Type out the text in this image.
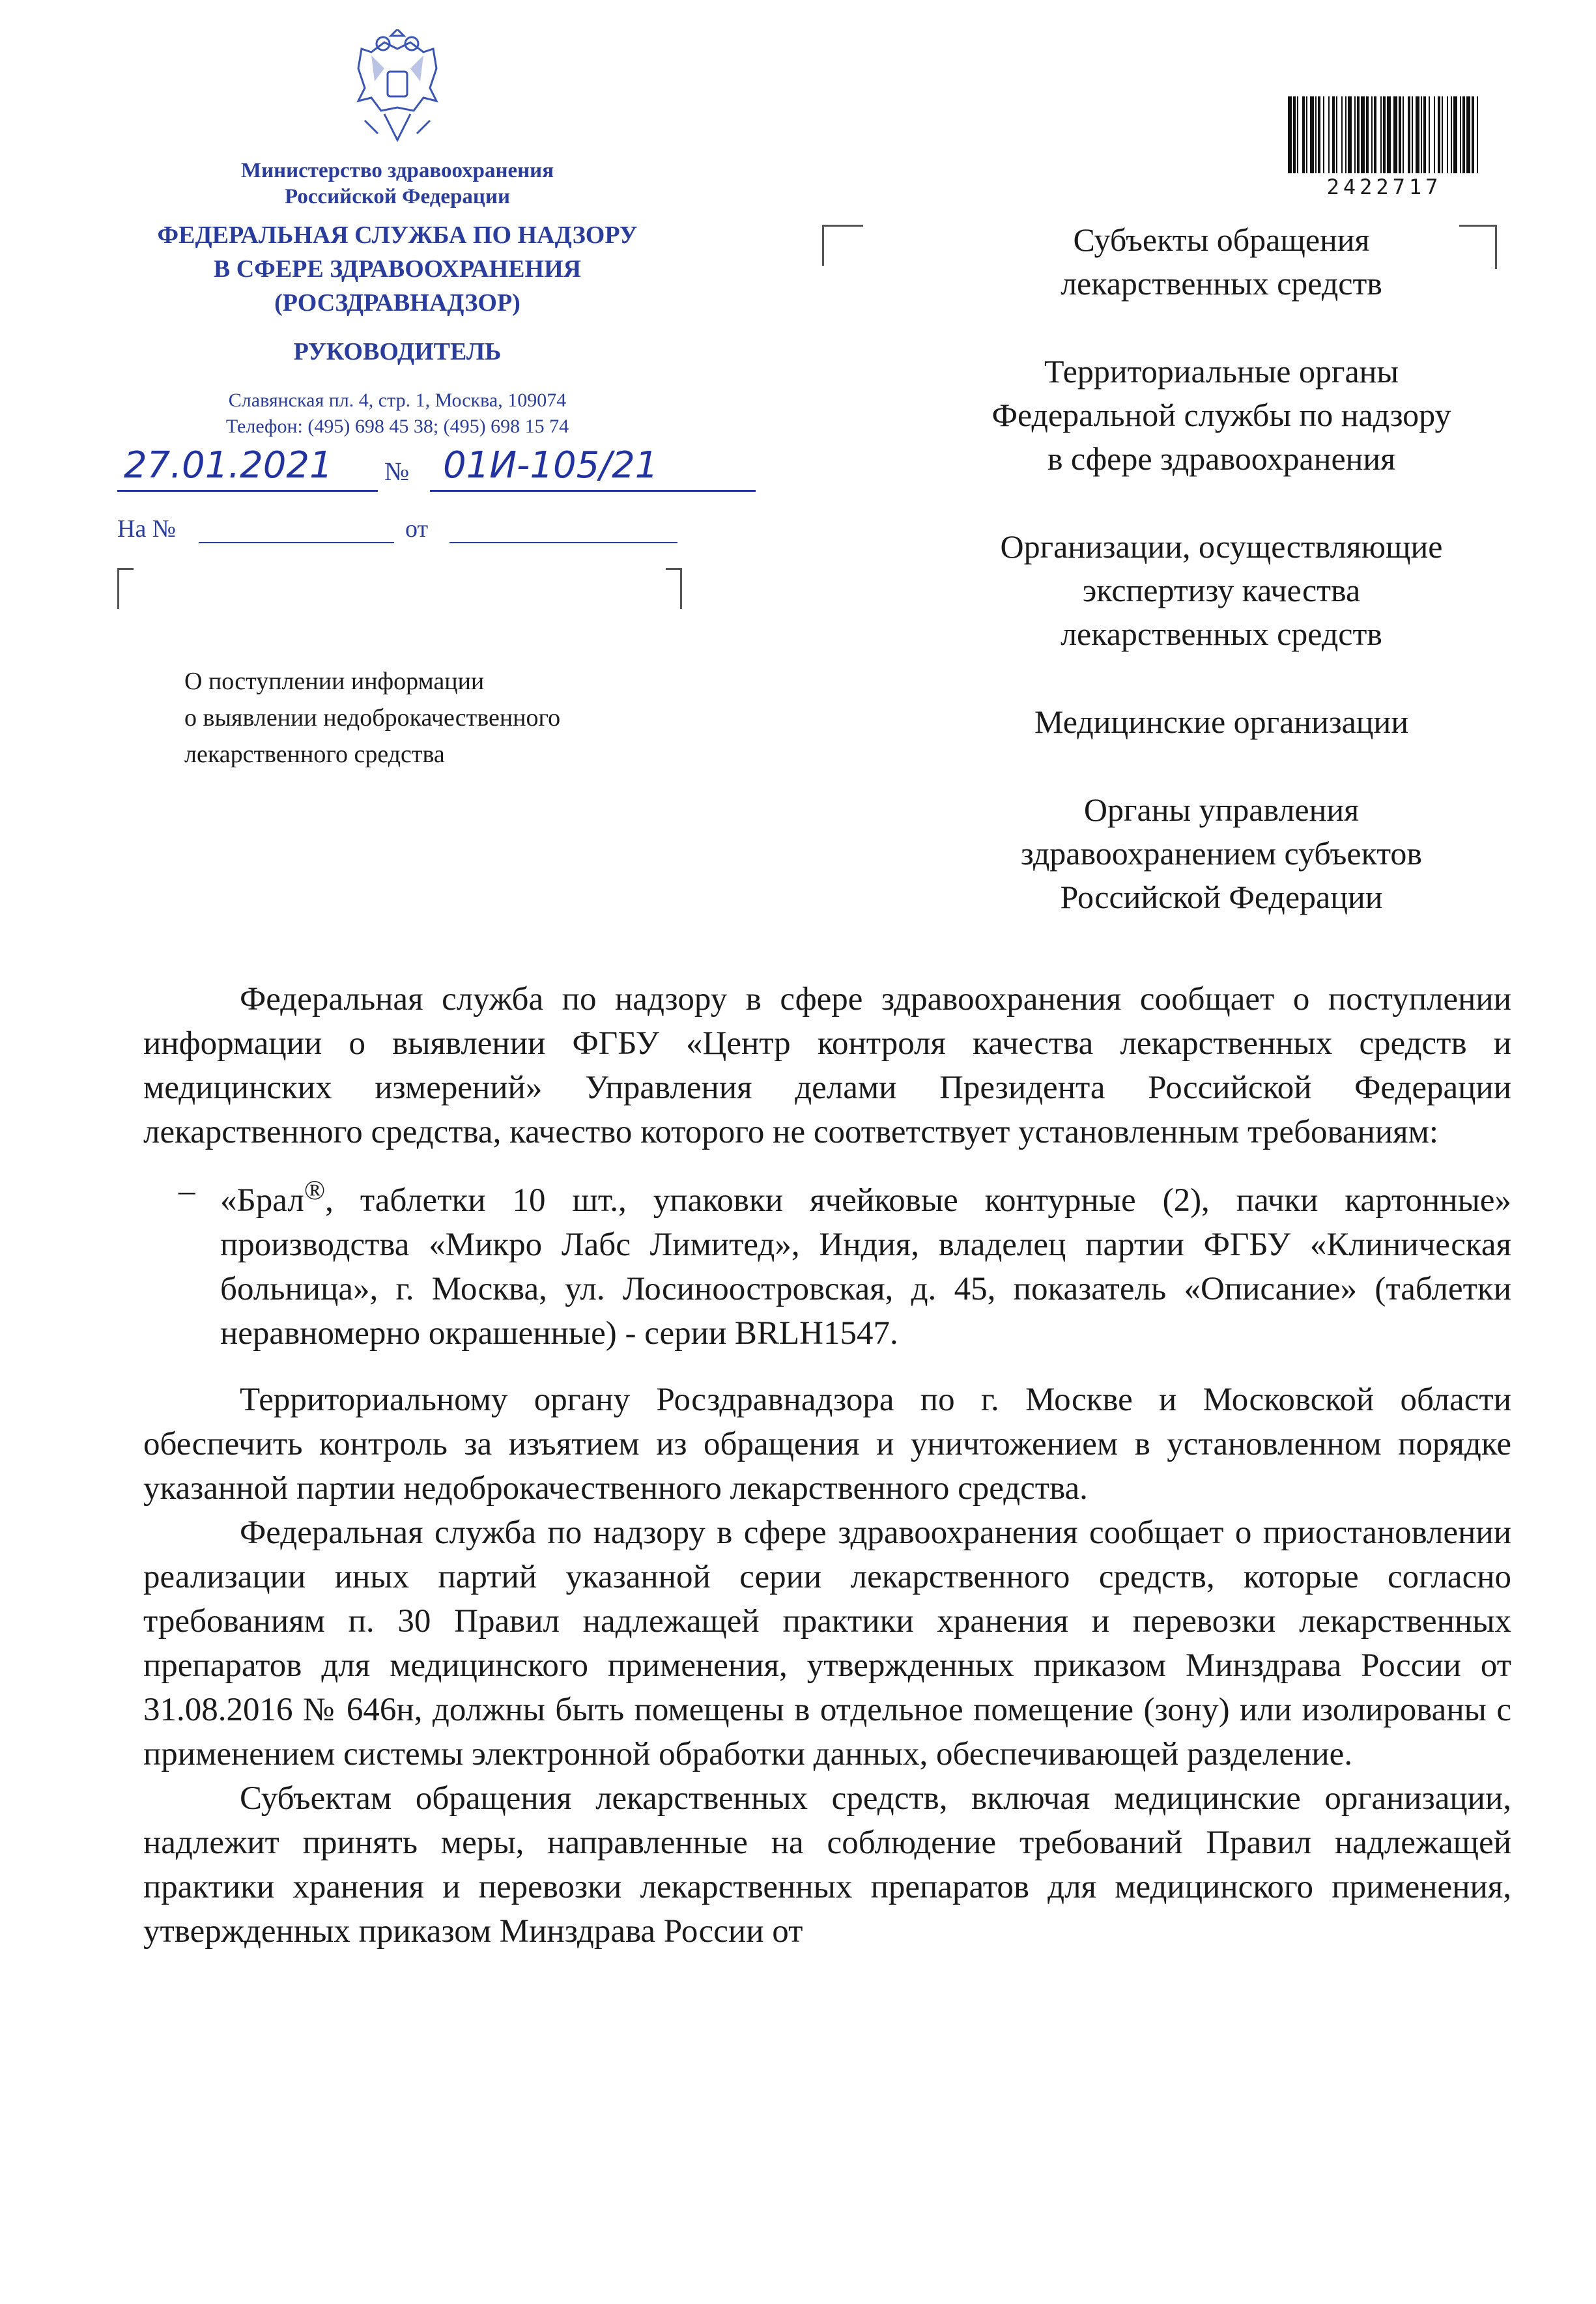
Министерство здравоохранения
Российской Федерации
ФЕДЕРАЛЬНАЯ СЛУЖБА ПО НАДЗОРУ
В СФЕРЕ ЗДРАВООХРАНЕНИЯ
(РОСЗДРАВНАДЗОР)
РУКОВОДИТЕЛЬ
Славянская пл. 4, стр. 1, Москва, 109074
Телефон: (495) 698 45 38; (495) 698 15 74
27.01.2021 № 01И-105/21
На №	от
О поступлении информации
о выявлении недоброкачественного
лекарственного средства
2422717
Субъекты обращения
лекарственных средств
Территориальные органы
Федеральной службы по надзору
в сфере здравоохранения
Организации, осуществляющие
экспертизу качества
лекарственных средств
Медицинские организации
Органы управления
здравоохранением субъектов
Российской Федерации

Федеральная служба по надзору в сфере здравоохранения сообщает о поступлении информации о выявлении ФГБУ «Центр контроля качества лекарственных средств и медицинских измерений» Управления делами Президента Российской Федерации лекарственного средства, качество которого не соответствует установленным требованиям:

– «Брал®, таблетки 10 шт., упаковки ячейковые контурные (2), пачки картонные» производства «Микро Лабс Лимитед», Индия, владелец партии ФГБУ «Клиническая больница», г. Москва, ул. Лосиноостровская, д. 45, показатель «Описание» (таблетки неравномерно окрашенные) - серии BRLH1547.

Территориальному органу Росздравнадзора по г. Москве и Московской области обеспечить контроль за изъятием из обращения и уничтожением в установленном порядке указанной партии недоброкачественного лекарственного средства.

Федеральная служба по надзору в сфере здравоохранения сообщает о приостановлении реализации иных партий указанной серии лекарственного средств, которые согласно требованиям п. 30 Правил надлежащей практики хранения и перевозки лекарственных препаратов для медицинского применения, утвержденных приказом Минздрава России от 31.08.2016 № 646н, должны быть помещены в отдельное помещение (зону) или изолированы с применением системы электронной обработки данных, обеспечивающей разделение.

Субъектам обращения лекарственных средств, включая медицинские организации, надлежит принять меры, направленные на соблюдение требований Правил надлежащей практики хранения и перевозки лекарственных препаратов для медицинского применения, утвержденных приказом Минздрава России от
